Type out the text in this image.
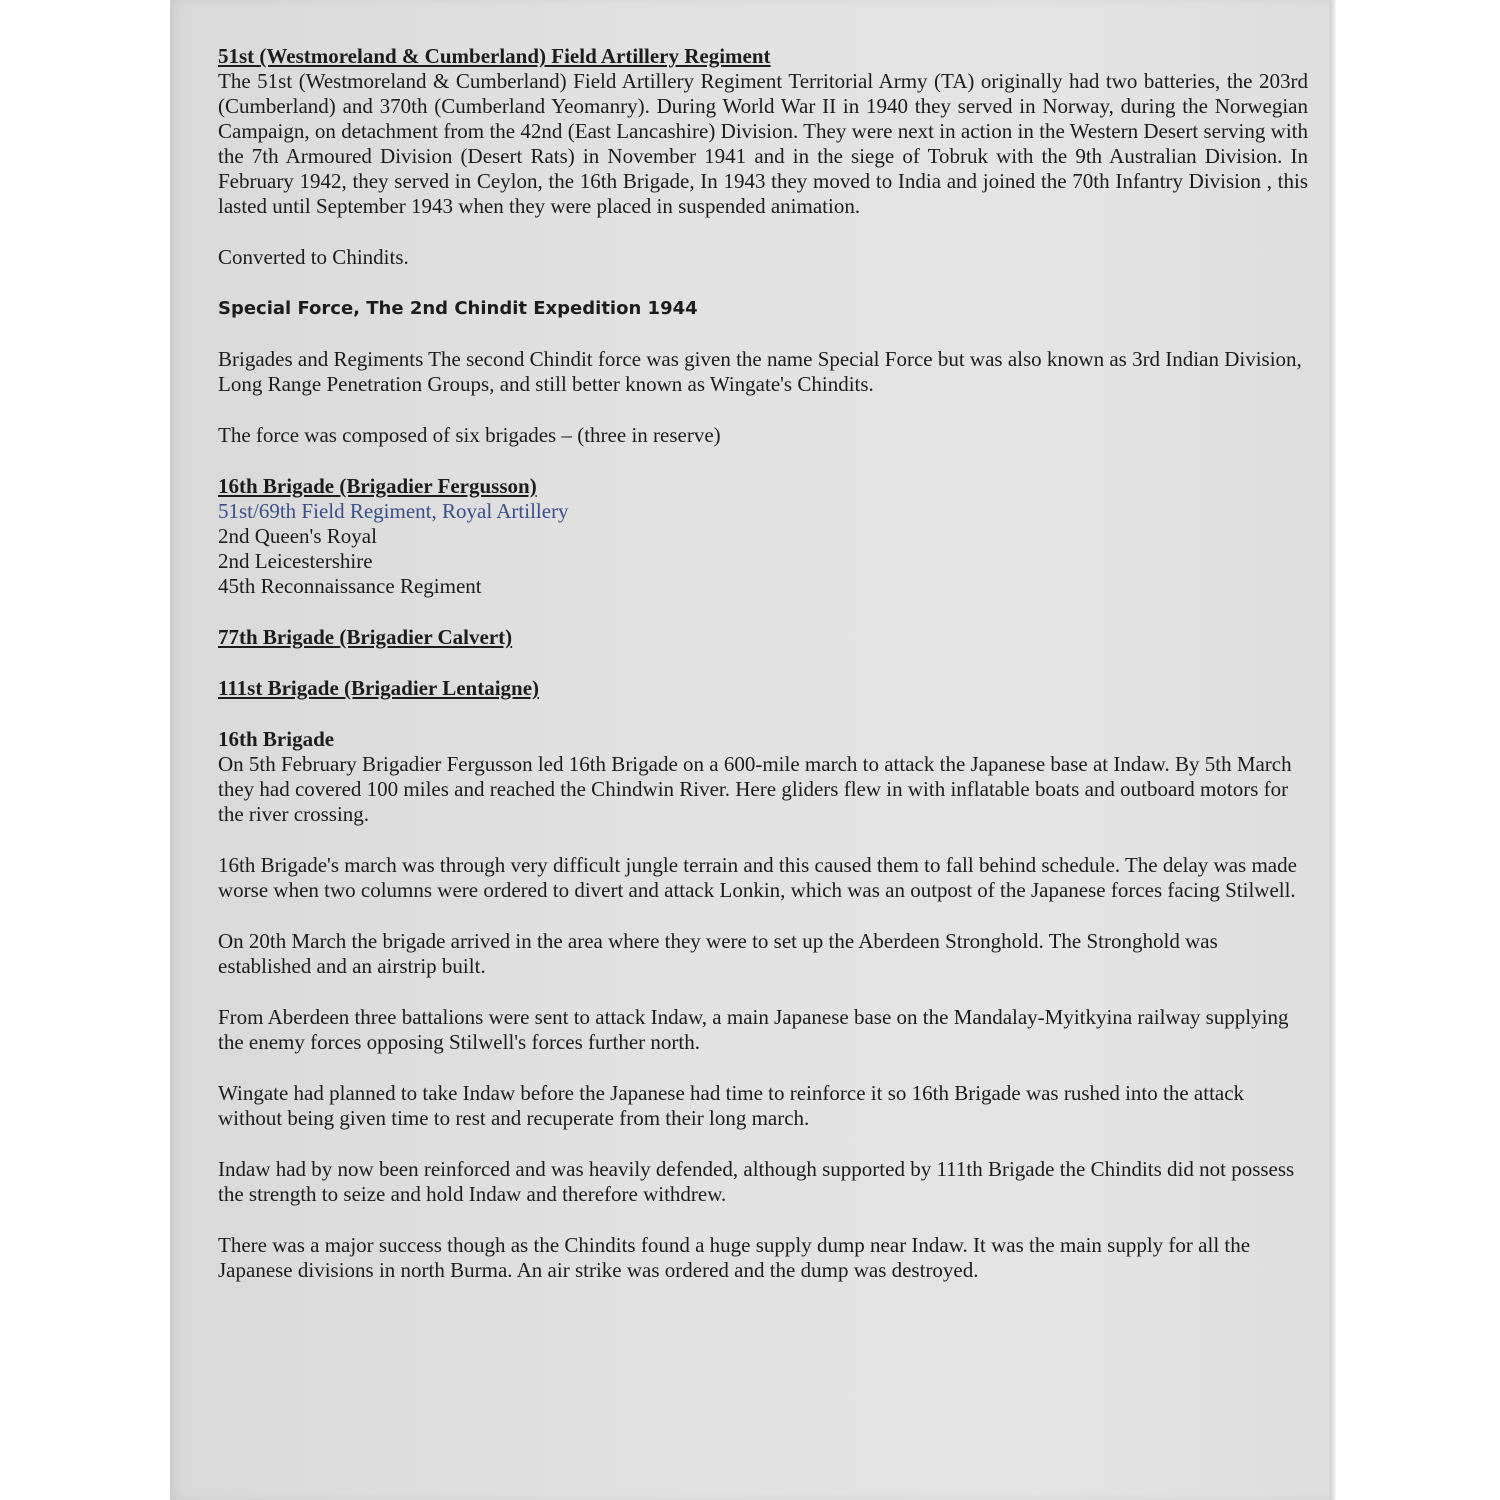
51st (Westmoreland & Cumberland) Field Artillery Regiment

The 51st (Westmoreland & Cumberland) Field Artillery Regiment Territorial Army (TA) originally had two batteries, the 203rd (Cumberland) and 370th (Cumberland Yeomanry). During World War II in 1940 they served in Norway, during the Norwegian Campaign, on detachment from the 42nd (East Lancashire) Division. They were next in action in the Western Desert serving with the 7th Armoured Division (Desert Rats) in November 1941 and in the siege of Tobruk with the 9th Australian Division. In February 1942, they served in Ceylon, the 16th Brigade, In 1943 they moved to India and joined the 70th Infantry Division , this lasted until September 1943 when they were placed in suspended animation.

Converted to Chindits.

Special Force, The 2nd Chindit Expedition 1944

Brigades and Regiments The second Chindit force was given the name Special Force but was also known as 3rd Indian Division, Long Range Penetration Groups, and still better known as Wingate's Chindits.

The force was composed of six brigades – (three in reserve)

16th Brigade (Brigadier Fergusson)

51st/69th Field Regiment, Royal Artillery
2nd Queen's Royal
2nd Leicestershire
45th Reconnaissance Regiment

77th Brigade (Brigadier Calvert)

111st Brigade (Brigadier Lentaigne)

16th Brigade

On 5th February Brigadier Fergusson led 16th Brigade on a 600-mile march to attack the Japanese base at Indaw. By 5th March they had covered 100 miles and reached the Chindwin River. Here gliders flew in with inflatable boats and outboard motors for the river crossing.

16th Brigade's march was through very difficult jungle terrain and this caused them to fall behind schedule. The delay was made worse when two columns were ordered to divert and attack Lonkin, which was an outpost of the Japanese forces facing Stilwell.

On 20th March the brigade arrived in the area where they were to set up the Aberdeen Stronghold. The Stronghold was established and an airstrip built.

From Aberdeen three battalions were sent to attack Indaw, a main Japanese base on the Mandalay-Myitkyina railway supplying the enemy forces opposing Stilwell's forces further north.

Wingate had planned to take Indaw before the Japanese had time to reinforce it so 16th Brigade was rushed into the attack without being given time to rest and recuperate from their long march.

Indaw had by now been reinforced and was heavily defended, although supported by 111th Brigade the Chindits did not possess the strength to seize and hold Indaw and therefore withdrew.

There was a major success though as the Chindits found a huge supply dump near Indaw. It was the main supply for all the Japanese divisions in north Burma. An air strike was ordered and the dump was destroyed.
